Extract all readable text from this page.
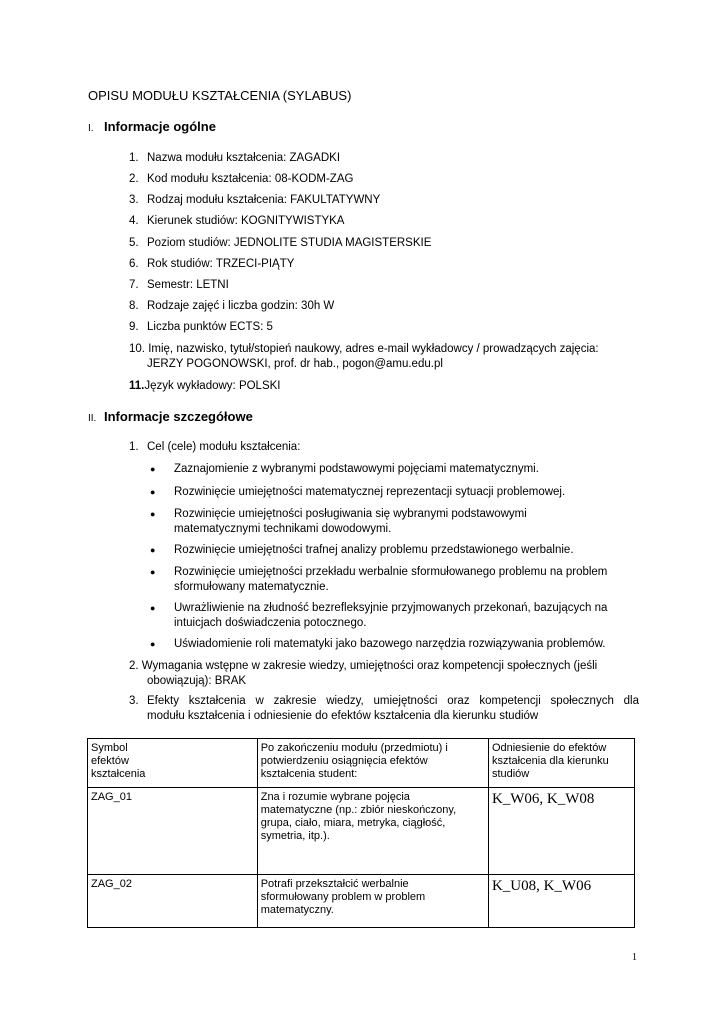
OPISU MODUŁU KSZTAŁCENIA (SYLABUS)
I. Informacje ogólne
1. Nazwa modułu kształcenia: ZAGADKI
2. Kod modułu kształcenia: 08-KODM-ZAG
3. Rodzaj modułu kształcenia: FAKULTATYWNY
4. Kierunek studiów: KOGNITYWISTYKA
5. Poziom studiów: JEDNOLITE STUDIA MAGISTERSKIE
6. Rok studiów: TRZECI-PIĄTY
7. Semestr: LETNI
8. Rodzaje zajęć i liczba godzin: 30h W
9. Liczba punktów ECTS: 5
10. Imię, nazwisko, tytuł/stopień naukowy, adres e-mail wykładowcy / prowadzących zajęcia:
JERZY POGONOWSKI, prof. dr hab., pogon@amu.edu.pl
11.Język wykładowy: POLSKI
II. Informacje szczegółowe
1. Cel (cele) modułu kształcenia:
●	Zaznajomienie z wybranymi podstawowymi pojęciami matematycznymi.
●	Rozwinięcie umiejętności matematycznej reprezentacji sytuacji problemowej.
●	Rozwinięcie umiejętności posługiwania się wybranymi podstawowymi
matematycznymi technikami dowodowymi.
●	Rozwinięcie umiejętności trafnej analizy problemu przedstawionego werbalnie.
●	Rozwinięcie umiejętności przekładu werbalnie sformułowanego problemu na problem
sformułowany matematycznie.
●	Uwrażliwienie na złudność bezrefleksyjnie przyjmowanych przekonań, bazujących na
intuicjach doświadczenia potocznego.
●	Uświadomienie roli matematyki jako bazowego narzędzia rozwiązywania problemów.
2. Wymagania wstępne w zakresie wiedzy, umiejętności oraz kompetencji społecznych (jeśli
obowiązują): BRAK
3. Efekty kształcenia w zakresie wiedzy, umiejętności oraz kompetencji społecznych dla
modułu kształcenia i odniesienie do efektów kształcenia dla kierunku studiów
Symbol
efektów
kształcenia	Po zakończeniu modułu (przedmiotu) i
potwierdzeniu osiągnięcia efektów
kształcenia student:	Odniesienie do efektów
kształcenia dla kierunku
studiów
ZAG_01	Zna i rozumie wybrane pojęcia
matematyczne (np.: zbiór nieskończony,
grupa, ciało, miara, metryka, ciągłość,
symetria, itp.).	K_W06, K_W08
ZAG_02	Potrafi przekształcić werbalnie
sformułowany problem w problem
matematyczny.	K_U08, K_W06
1
